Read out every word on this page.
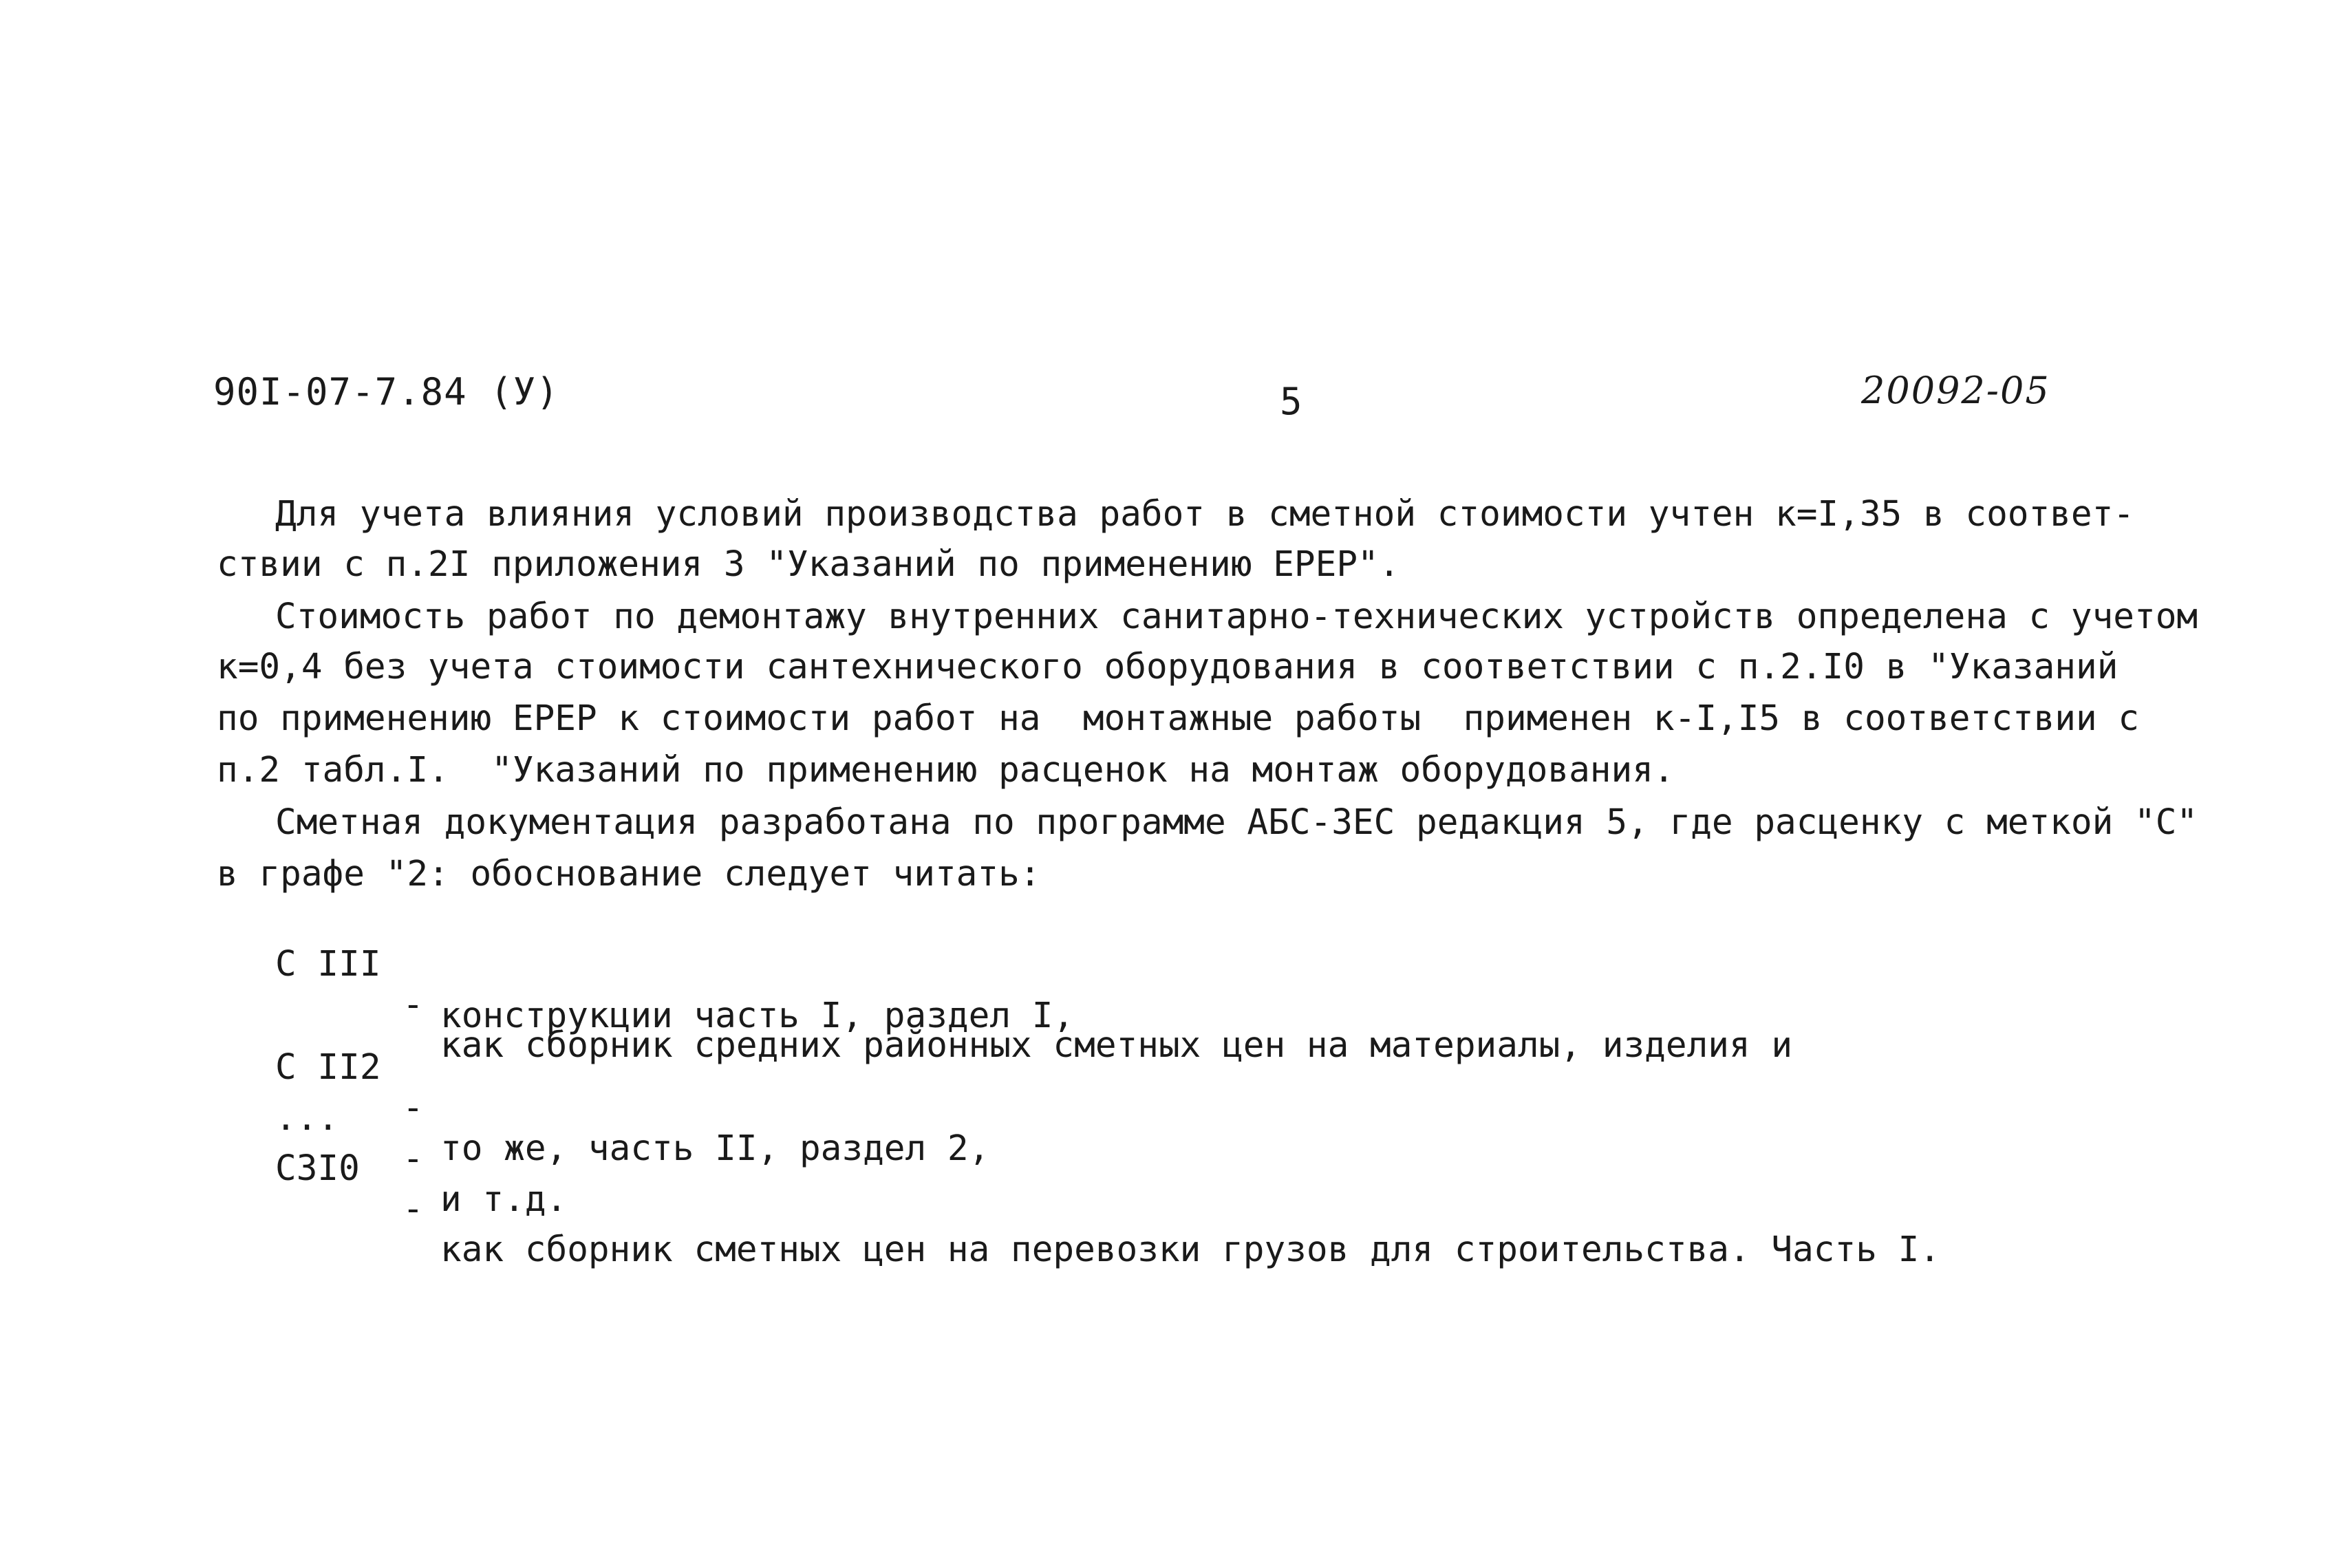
90I-07-7.84 (У)	5	20092-05
Для учета влияния условий производства работ в сметной стоимости учтен к=I,35 в соответ-
ствии с п.2I приложения 3 "Указаний по применению ЕРЕР".
Стоимость работ по демонтажу внутренних санитарно-технических устройств определена с учетом
к=0,4 без учета стоимости сантехнического оборудования в соответствии с п.2.I0 в "Указаний
по применению ЕРЕР к стоимости работ на  монтажные работы  применен к-I,I5 в соответствии с
п.2 табл.I.  "Указаний по применению расценок на монтаж оборудования.
Сметная документация разработана по программе АБС-3ЕС редакция 5, где расценку с меткой "С"
в графе "2: обоснование следует читать:

С III

-

как сборник средних районных сметных цен на материалы, изделия и

конструкции часть I, раздел I,

С II2

-

то же, часть II, раздел 2,

...

-

и т.д.

С3I0

-

как сборник сметных цен на перевозки грузов для строительства. Часть I.
